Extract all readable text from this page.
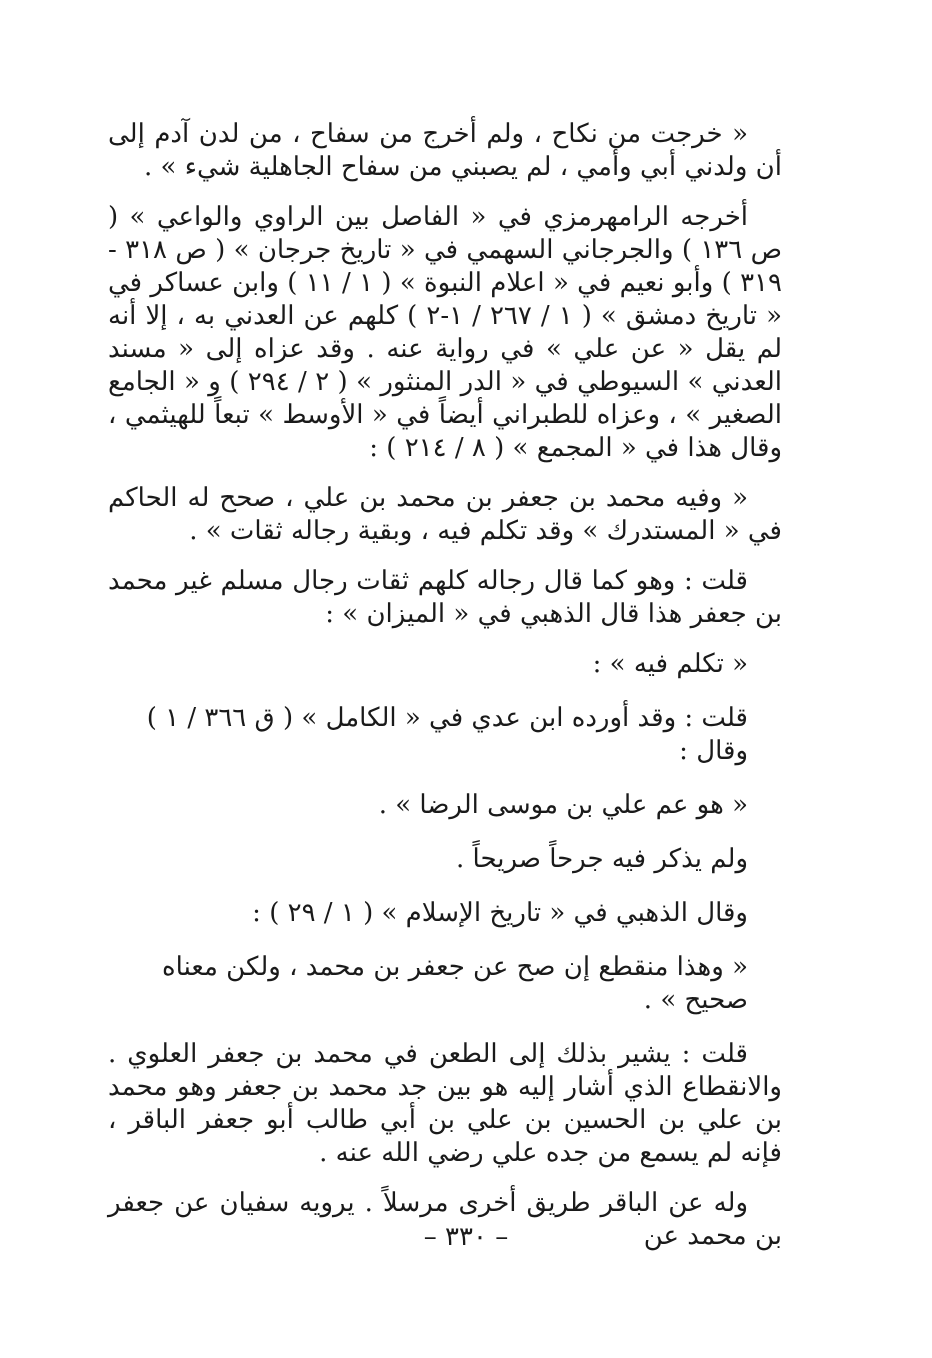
« خرجت من نكاح ، ولم أخرج من سفاح ، من لدن آدم إلى أن ولدني أبي وأمي ، لم يصبني من سفاح الجاهلية شيء » .

أخرجه الرامهرمزي في « الفاصل بين الراوي والواعي » ( ص ١٣٦ ) والجرجاني السهمي في « تاريخ جرجان » ( ص ٣١٨ - ٣١٩ ) وأبو نعيم في « اعلام النبوة » ( ١ / ١١ ) وابن عساكر في « تاريخ دمشق » ( ١ / ٢٦٧ / ١-٢ ) كلهم عن العدني به ، إلا أنه لم يقل « عن علي » في رواية عنه . وقد عزاه إلى « مسند العدني » السيوطي في « الدر المنثور » ( ٢ / ٢٩٤ ) و « الجامع الصغير » ، وعزاه للطبراني أيضاً في « الأوسط » تبعاً للهيثمي ، وقال هذا في « المجمع » ( ٨ / ٢١٤ ) :

« وفيه محمد بن جعفر بن محمد بن علي ، صحح له الحاكم في « المستدرك » وقد تكلم فيه ، وبقية رجاله ثقات » .

قلت : وهو كما قال رجاله كلهم ثقات رجال مسلم غير محمد بن جعفر هذا قال الذهبي في « الميزان » :

« تكلم فيه » :

قلت : وقد أورده ابن عدي في « الكامل » ( ق ٣٦٦ / ١ ) وقال :

« هو عم علي بن موسى الرضا » .

ولم يذكر فيه جرحاً صريحاً .

وقال الذهبي في « تاريخ الإسلام » ( ١ / ٢٩ ) :

« وهذا منقطع إن صح عن جعفر بن محمد ، ولكن معناه صحيح » .

قلت : يشير بذلك إلى الطعن في محمد بن جعفر العلوي . والانقطاع الذي أشار إليه هو بين جد محمد بن جعفر وهو محمد بن علي بن الحسين بن علي بن أبي طالب أبو جعفر الباقر ، فإنه لم يسمع من جده علي رضي الله عنه .

وله عن الباقر طريق أخرى مرسلاً . يرويه سفيان عن جعفر بن محمد عن

– ٣٣٠ –
